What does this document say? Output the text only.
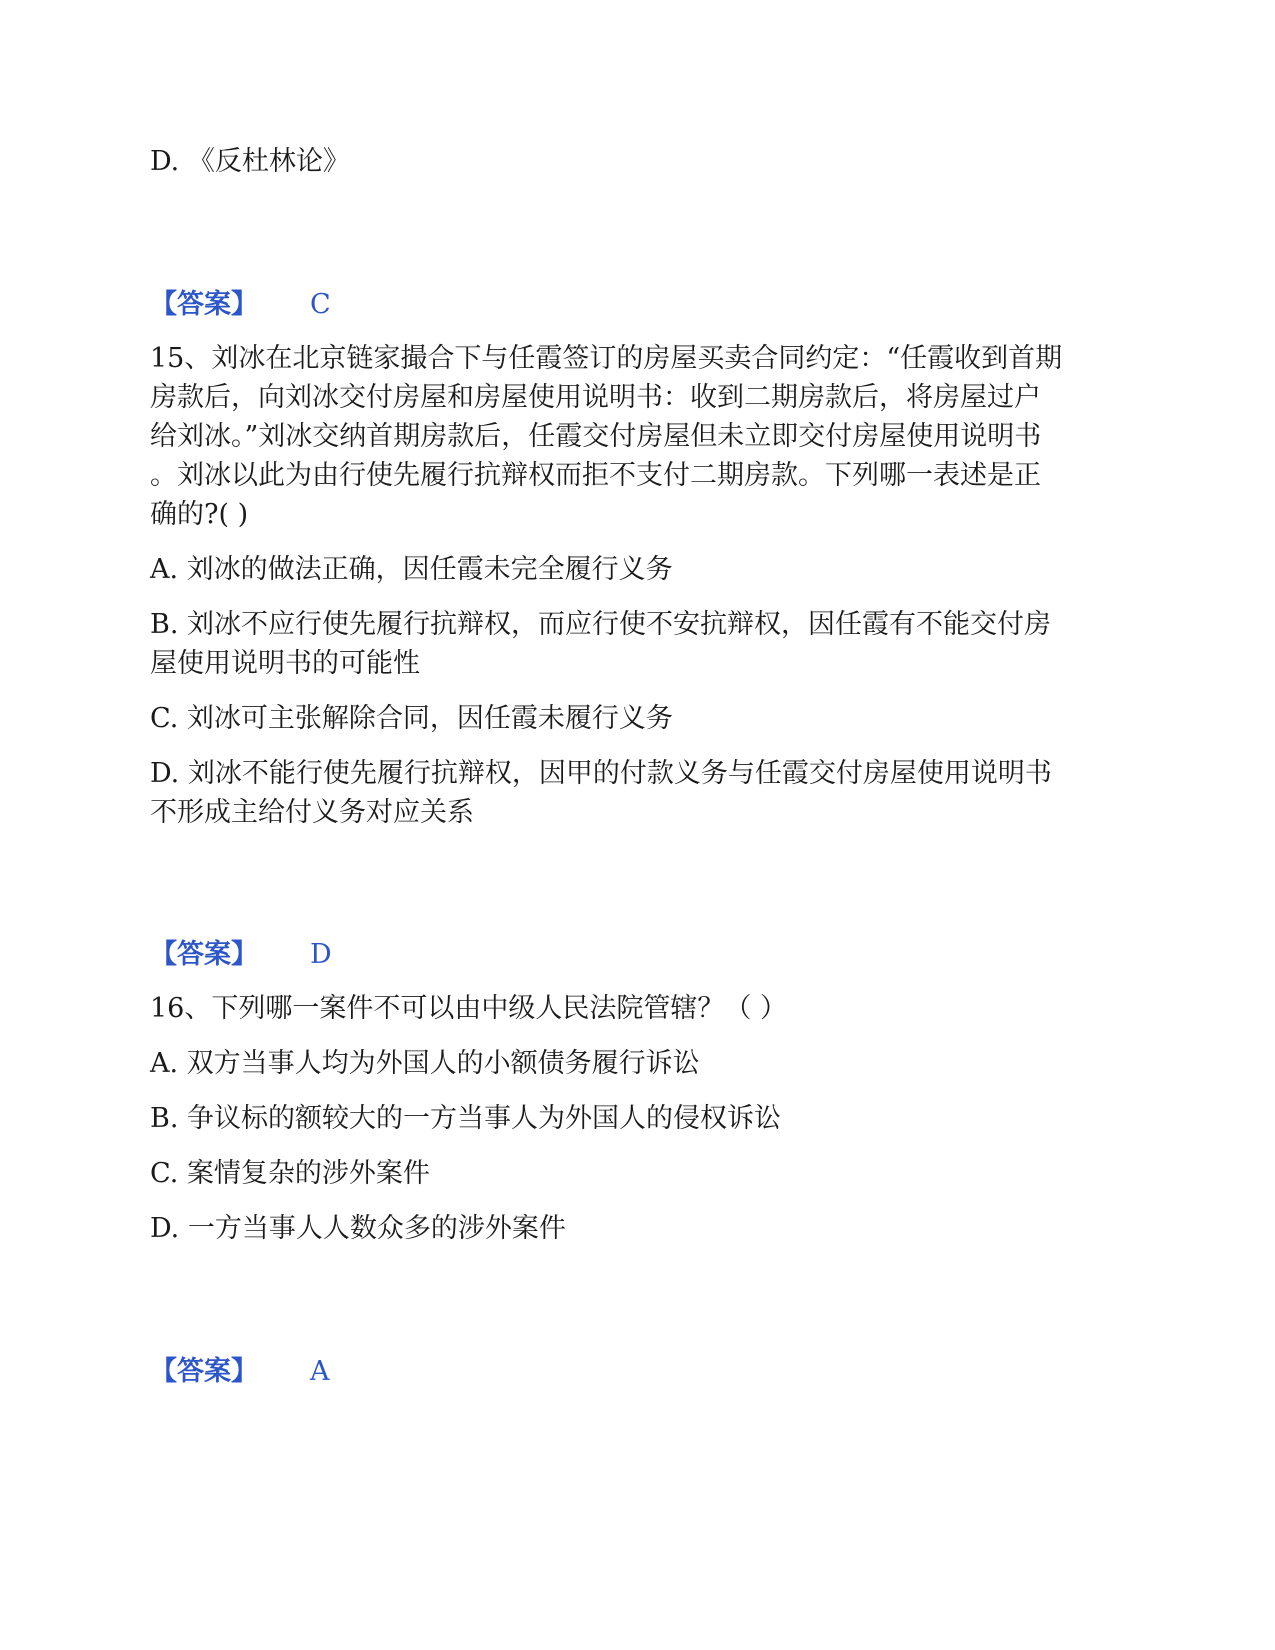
D. 《反杜林论》
【答案】 C
15、刘冰在北京链家撮合下与任霞签订的房屋买卖合同约定：“任霞收到首期
房款后，向刘冰交付房屋和房屋使用说明书：收到二期房款后，将房屋过户
给刘冰。”刘冰交纳首期房款后，任霞交付房屋但未立即交付房屋使用说明书
。刘冰以此为由行使先履行抗辩权而拒不支付二期房款。下列哪一表述是正
确的?( )
A. 刘冰的做法正确，因任霞未完全履行义务
B. 刘冰不应行使先履行抗辩权，而应行使不安抗辩权，因任霞有不能交付房
屋使用说明书的可能性
C. 刘冰可主张解除合同，因任霞未履行义务
D. 刘冰不能行使先履行抗辩权，因甲的付款义务与任霞交付房屋使用说明书
不形成主给付义务对应关系
【答案】 D
16、下列哪一案件不可以由中级人民法院管辖？（ ）
A. 双方当事人均为外国人的小额债务履行诉讼
B. 争议标的额较大的一方当事人为外国人的侵权诉讼
C. 案情复杂的涉外案件
D. 一方当事人人数众多的涉外案件
【答案】 A
